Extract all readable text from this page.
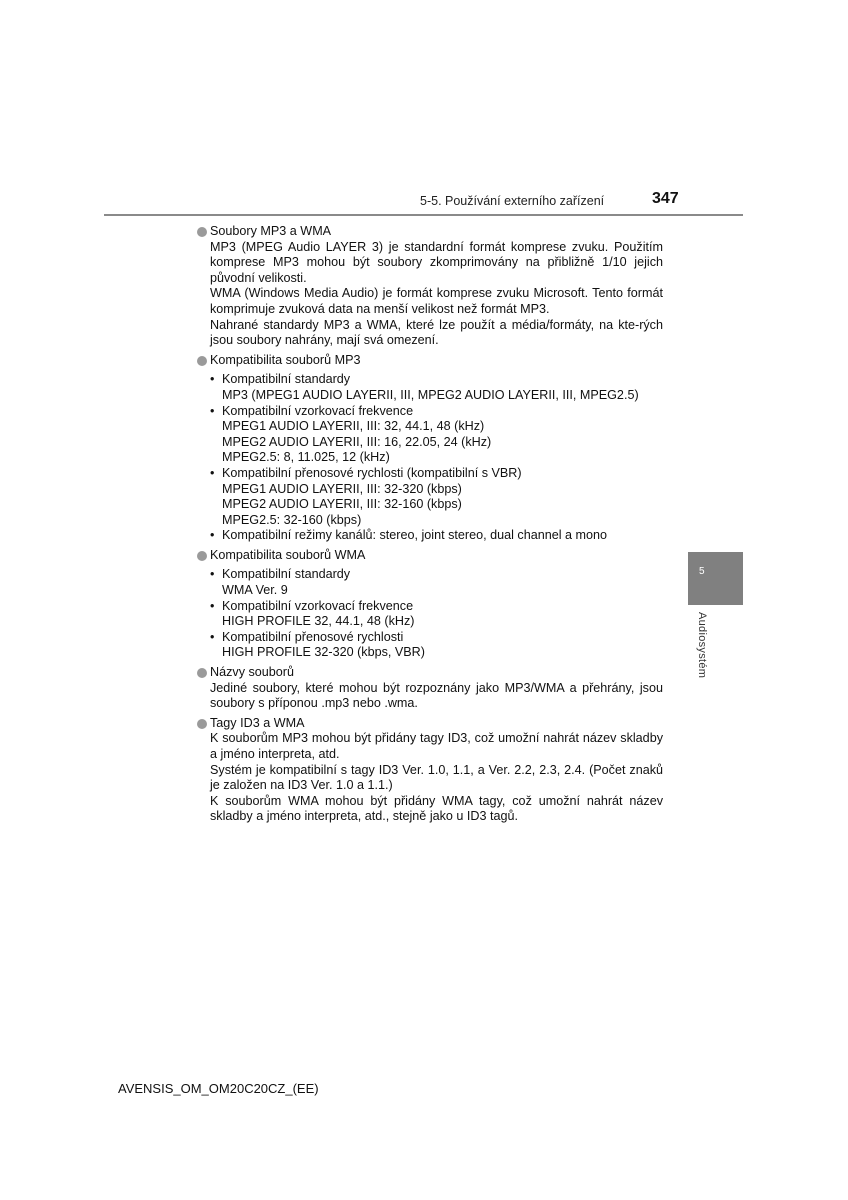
5-5. Používání externího zařízení	347
Soubory MP3 a WMA

MP3 (MPEG Audio LAYER 3) je standardní formát komprese zvuku. Použitím komprese MP3 mohou být soubory zkomprimovány na přibližně 1/10 jejich původní velikosti.

WMA (Windows Media Audio) je formát komprese zvuku Microsoft. Tento formát komprimuje zvuková data na menší velikost než formát MP3.

Nahrané standardy MP3 a WMA, které lze použít a média/formáty, na kte-rých jsou soubory nahrány, mají svá omezení.

Kompatibilita souborů MP3
• Kompatibilní standardy

MP3 (MPEG1 AUDIO LAYERII, III, MPEG2 AUDIO LAYERII, III, MPEG2.5)

• Kompatibilní vzorkovací frekvence

MPEG1 AUDIO LAYERII, III: 32, 44.1, 48 (kHz)

MPEG2 AUDIO LAYERII, III: 16, 22.05, 24 (kHz)

MPEG2.5: 8, 11.025, 12 (kHz)

• Kompatibilní přenosové rychlosti (kompatibilní s VBR)

MPEG1 AUDIO LAYERII, III: 32-320 (kbps)

MPEG2 AUDIO LAYERII, III: 32-160 (kbps)

MPEG2.5: 32-160 (kbps)

• Kompatibilní režimy kanálů: stereo, joint stereo, dual channel a mono

Kompatibilita souborů WMA
• Kompatibilní standardy

WMA Ver. 9

• Kompatibilní vzorkovací frekvence

HIGH PROFILE 32, 44.1, 48 (kHz)

• Kompatibilní přenosové rychlosti

HIGH PROFILE 32-320 (kbps, VBR)

Názvy souborů

Jediné soubory, které mohou být rozpoznány jako MP3/WMA a přehrány, jsou soubory s příponou .mp3 nebo .wma.

Tagy ID3 a WMA

K souborům MP3 mohou být přidány tagy ID3, což umožní nahrát název skladby a jméno interpreta, atd.

Systém je kompatibilní s tagy ID3 Ver. 1.0, 1.1, a Ver. 2.2, 2.3, 2.4. (Počet znaků je založen na ID3 Ver. 1.0 a 1.1.)

K souborům WMA mohou být přidány WMA tagy, což umožní nahrát název skladby a jméno interpreta, atd., stejně jako u ID3 tagů.

5
Audiosystém
AVENSIS_OM_OM20C20CZ_(EE)
